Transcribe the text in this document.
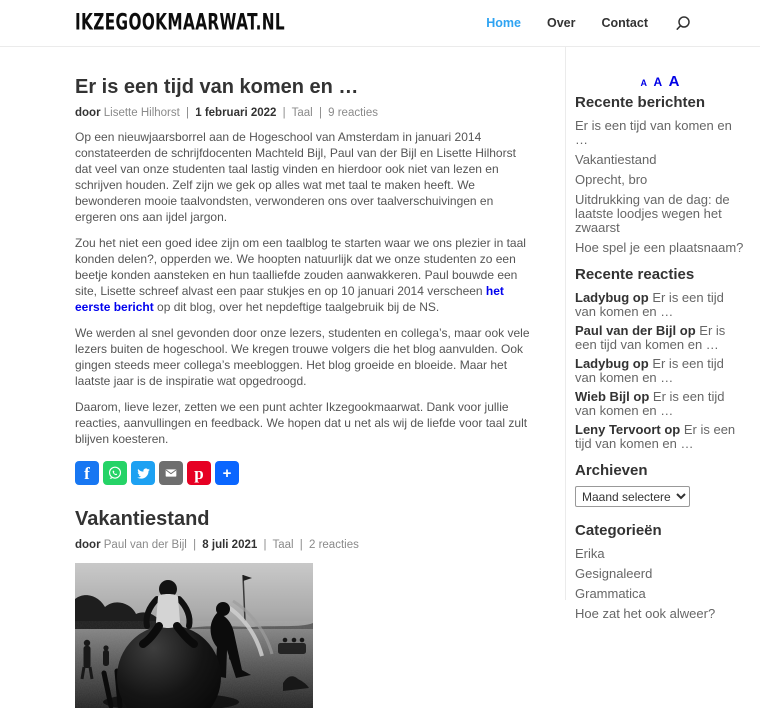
IKZEGOOKMAARWAT.NL	Home Over Contact
Er is een tijd van komen en …
door Lisette Hilhorst | 1 februari 2022 | Taal | 9 reacties

Op een nieuwjaarsborrel aan de Hogeschool van Amsterdam in januari 2014 constateerden de schrijfdocenten Machteld Bijl, Paul van der Bijl en Lisette Hilhorst dat veel van onze studenten taal lastig vinden en hierdoor ook niet van lezen en schrijven houden. Zelf zijn we gek op alles wat met taal te maken heeft. We bewonderen mooie taalvondsten, verwonderen ons over taalverschuivingen en ergeren ons aan ijdel jargon.

Zou het niet een goed idee zijn om een taalblog te starten waar we ons plezier in taal konden delen?, opperden we. We hoopten natuurlijk dat we onze studenten zo een beetje konden aansteken en hun taalliefde zouden aanwakkeren. Paul bouwde een site, Lisette schreef alvast een paar stukjes en op 10 januari 2014 verscheen het eerste bericht op dit blog, over het nepdeftige taalgebruik bij de NS.

We werden al snel gevonden door onze lezers, studenten en collega’s, maar ook vele lezers buiten de hogeschool. We kregen trouwe volgers die het blog aanvulden. Ook gingen steeds meer collega’s meebloggen. Het blog groeide en bloeide. Maar het laatste jaar is de inspiratie wat opgedroogd.

Daarom, lieve lezer, zetten we een punt achter Ikzegookmaarwat. Dank voor jullie reacties, aanvullingen en feedback. We hopen dat u net als wij de liefde voor taal zult blijven koesteren.

f	p +
Vakantiestand
door Paul van der Bijl | 8 juli 2021 | Taal | 2 reacties
A A A
Recente berichten
Er is een tijd van komen en …
Vakantiestand
Oprecht, bro
Uitdrukking van de dag: de laatste loodjes wegen het zwaarst
Hoe spel je een plaatsnaam?
Recente reacties
Ladybug op Er is een tijd van komen en …
Paul van der Bijl op Er is een tijd van komen en …
Ladybug op Er is een tijd van komen en …
Wieb Bijl op Er is een tijd van komen en …
Leny Tervoort op Er is een tijd van komen en …
Archieven
Maand selecteren
Categorieën
Erika
Gesignaleerd
Grammatica
Hoe zat het ook alweer?
